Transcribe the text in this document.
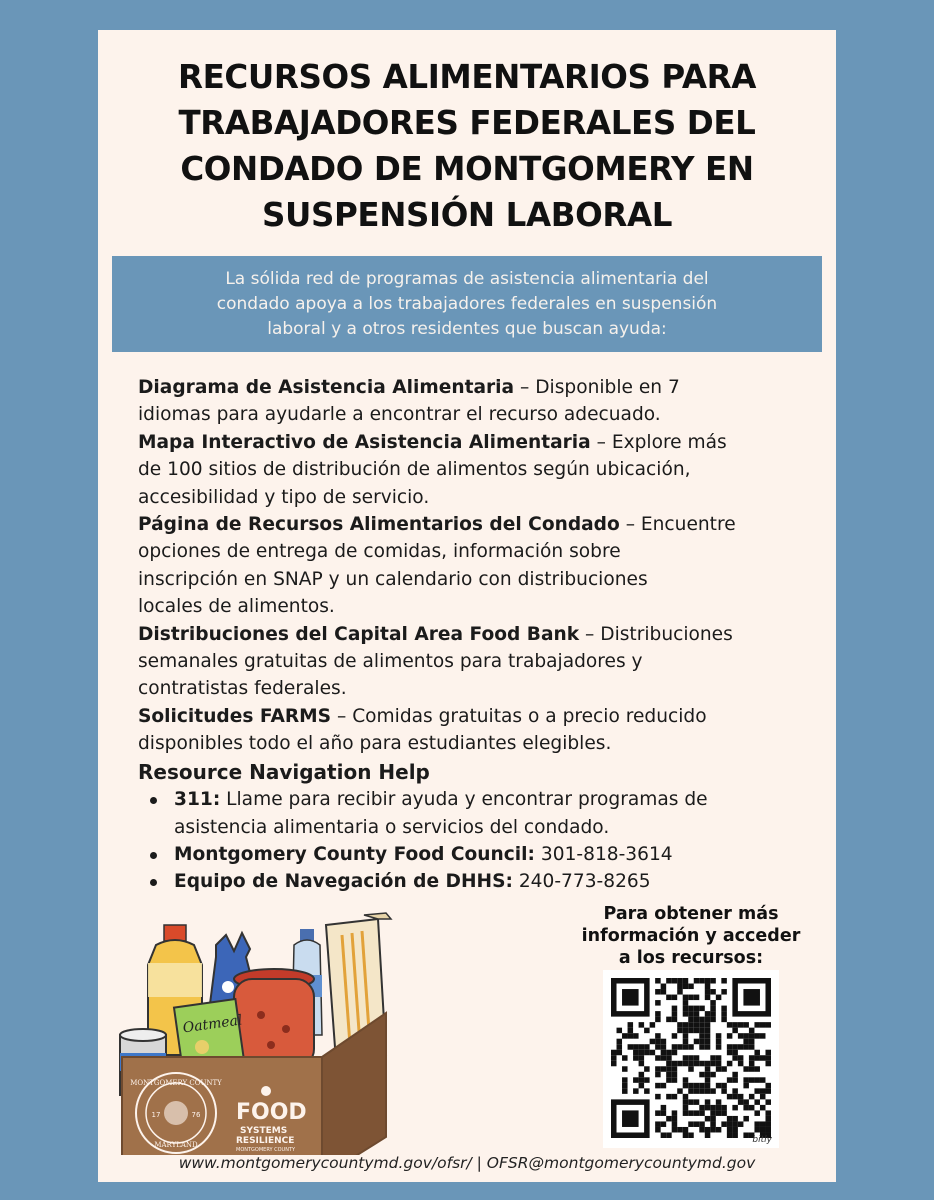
RECURSOS ALIMENTARIOS PARA
TRABAJADORES FEDERALES DEL
CONDADO DE MONTGOMERY EN
SUSPENSIÓN LABORAL
La sólida red de programas de asistencia alimentaria del
condado apoya a los trabajadores federales en suspensión
laboral y a otros residentes que buscan ayuda:
Diagrama de Asistencia Alimentaria – Disponible en 7
idiomas para ayudarle a encontrar el recurso adecuado.
Mapa Interactivo de Asistencia Alimentaria – Explore más
de 100 sitios de distribución de alimentos según ubicación,
accesibilidad y tipo de servicio.
Página de Recursos Alimentarios del Condado – Encuentre
opciones de entrega de comidas, información sobre
inscripción en SNAP y un calendario con distribuciones
locales de alimentos.
Distribuciones del Capital Area Food Bank – Distribuciones
semanales gratuitas de alimentos para trabajadores y
contratistas federales.
Solicitudes FARMS – Comidas gratuitas o a precio reducido
disponibles todo el año para estudiantes elegibles.
Resource Navigation Help
311: Llame para recibir ayuda y encontrar programas de
asistencia alimentaria o servicios del condado.
Montgomery County Food Council: 301-818-3614
Equipo de Navegación de DHHS: 240-773-8265
Oatmeal
MONTGOMERY COUNTY
17	76
MARYLAND
FOOD
SYSTEMS
RESILIENCE
MONTGOMERY COUNTY
Para obtener más
información y acceder
a los recursos:
bitly
www.montgomerycountymd.gov/ofsr/ | OFSR@montgomerycountymd.gov
